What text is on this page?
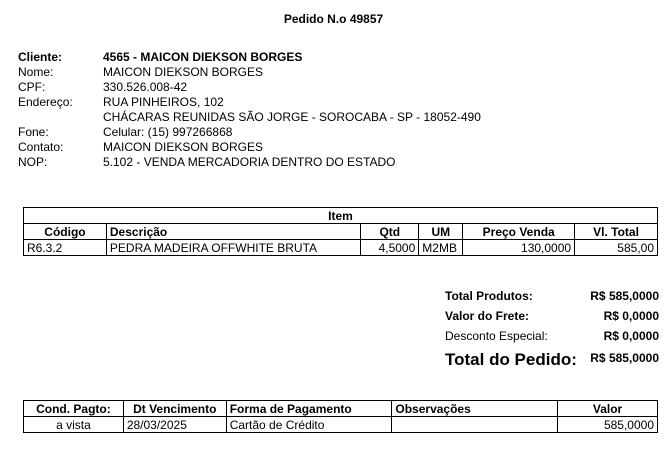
Pedido N.o 49857
Cliente:	4565 - MAICON DIEKSON BORGES
Nome:	MAICON DIEKSON BORGES
CPF:	330.526.008-42
Endereço:	RUA PINHEIROS, 102
CHÁCARAS REUNIDAS SÃO JORGE - SOROCABA - SP - 18052-490
Fone:	Celular: (15) 997266868
Contato:	MAICON DIEKSON BORGES
NOP:	5.102 - VENDA MERCADORIA DENTRO DO ESTADO
Item					
Código	Descrição	Qtd	UM	Preço Venda	Vl. Total
R6.3.2	PEDRA MADEIRA OFFWHITE BRUTA	4,5000	M2MB	130,0000	585,00
Total Produtos:	R$ 585,0000
Valor do Frete:	R$ 0,0000
Desconto Especial:	R$ 0,0000
Total do Pedido: R$ 585,0000
Cond. Pagto:	Dt Vencimento	Forma de Pagamento	Observações	Valor
a vista	28/03/2025	Cartão de Crédito		585,0000
